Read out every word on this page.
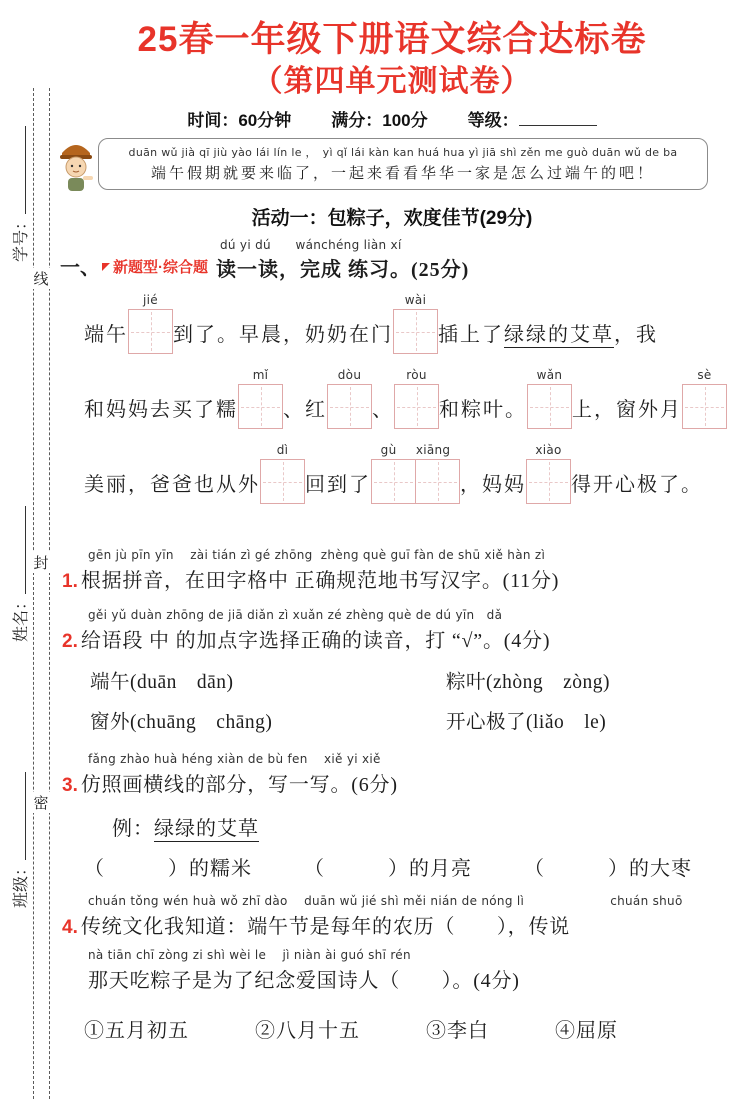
线
封
密
学号：
姓名：
班级：
25春一年级下册语文综合达标卷
（第四单元测试卷）
时间：60分钟 满分：100分 等级：
duān wǔ jià qī jiù yào lái lín le ，　yì qǐ lái kàn kan huá hua yì jiā shì zěn me guò duān wǔ de ba
端午假期就要来临了，一起来看看华华一家是怎么过端午的吧！
活动一：包粽子，欢度佳节(29分)
一、 新题型·综合题
dú yi dú　　wánchéng liàn xí
读一读，完成 练习。(25分)
端午
jié
到了。早晨，奶奶在门
wài
插上了 绿绿的艾草 ，我
和妈妈去买了糯
mǐ
、红
dòu
、
ròu
和粽叶。
wǎn
上，窗外月
sè
美丽，爸爸也从外
dì
回到了
gù xiāng
，妈妈
xiào
得开心极了。
gēn jù pīn yīn　 zài tián zì gé zhōng  zhèng què guī fàn de shū xiě hàn zì
1. 根据拼音，在田字格中 正确规范地书写汉字。(11分)
gěi yǔ duàn zhōng de jiā diǎn zì xuǎn zé zhèng què de dú yīn　dǎ
2. 给语段 中 的加点字选择正确的读音，打 “√”。(4分)
端午(duān　dān)	粽叶(zhòng　zòng)
窗外(chuāng　chāng)	开心极了(liǎo　le)
fǎng zhào huà héng xiàn de bù fen　 xiě yi xiě
3. 仿照画横线的部分，写一写。(6分)
例：绿绿的艾草
（　　　）的糯米	（　　　）的月亮	（　　　）的大枣
chuán tǒng wén huà wǒ zhī dào　 duān wǔ jié shì měi nián de nóng lì　　　　　　　chuán shuō
4. 传统文化我知道：端午节是每年的农历（　　），传说
nà tiān chī zòng zi shì wèi le　 jì niàn ài guó shī rén
那天吃粽子是为了纪念爱国诗人（　　）。(4分)
①五月初五	②八月十五	③李白	④屈原
